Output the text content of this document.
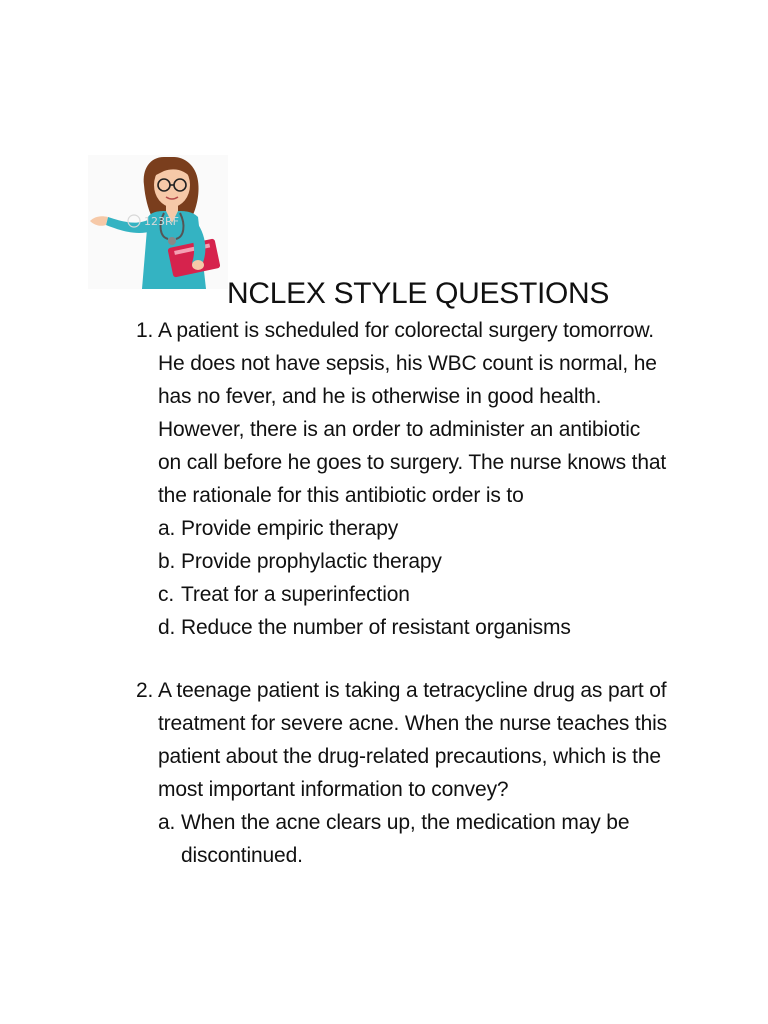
123RF
NCLEX STYLE QUESTIONS
1. A patient is scheduled for colorectal surgery tomorrow.
He does not have sepsis, his WBC count is normal, he
has no fever, and he is otherwise in good health.
However, there is an order to administer an antibiotic
on call before he goes to surgery. The nurse knows that
the rationale for this antibiotic order is to
a. Provide empiric therapy
b. Provide prophylactic therapy
c. Treat for a superinfection
d. Reduce the number of resistant organisms
2. A teenage patient is taking a tetracycline drug as part of
treatment for severe acne. When the nurse teaches this
patient about the drug-related precautions, which is the
most important information to convey?
a. When the acne clears up, the medication may be
discontinued.
